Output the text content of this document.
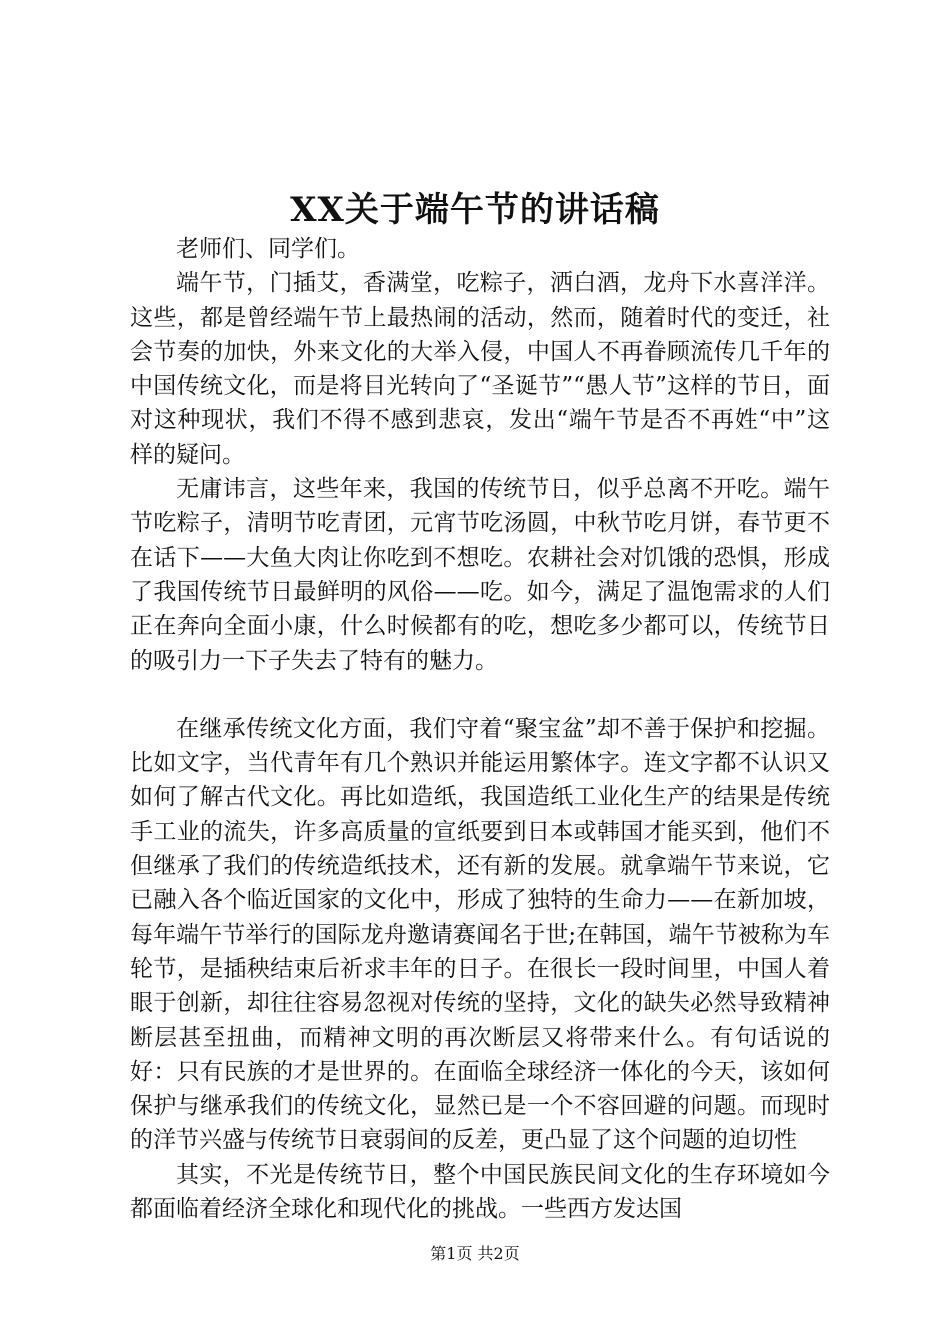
XX关于端午节的讲话稿

老师们、同学们。

端午节，门插艾，香满堂，吃粽子，洒白酒，龙舟下水喜洋洋。这些，都是曾经端午节上最热闹的活动，然而，随着时代的变迁，社会节奏的加快，外来文化的大举入侵，中国人不再眷顾流传几千年的中国传统文化，而是将目光转向了“圣诞节”“愚人节”这样的节日，面对这种现状，我们不得不感到悲哀，发出“端午节是否不再姓“中”这样的疑问。

无庸讳言，这些年来，我国的传统节日，似乎总离不开吃。端午节吃粽子，清明节吃青团，元宵节吃汤圆，中秋节吃月饼，春节更不在话下——大鱼大肉让你吃到不想吃。农耕社会对饥饿的恐惧，形成了我国传统节日最鲜明的风俗——吃。如今，满足了温饱需求的人们正在奔向全面小康，什么时候都有的吃，想吃多少都可以，传统节日的吸引力一下子失去了特有的魅力。

在继承传统文化方面，我们守着“聚宝盆”却不善于保护和挖掘。比如文字，当代青年有几个熟识并能运用繁体字。连文字都不认识又如何了解古代文化。再比如造纸，我国造纸工业化生产的结果是传统手工业的流失，许多高质量的宣纸要到日本或韩国才能买到，他们不但继承了我们的传统造纸技术，还有新的发展。就拿端午节来说，它已融入各个临近国家的文化中，形成了独特的生命力——在新加坡，每年端午节举行的国际龙舟邀请赛闻名于世;在韩国，端午节被称为车轮节，是插秧结束后祈求丰年的日子。在很长一段时间里，中国人着眼于创新，却往往容易忽视对传统的坚持，文化的缺失必然导致精神断层甚至扭曲，而精神文明的再次断层又将带来什么。有句话说的好：只有民族的才是世界的。在面临全球经济一体化的今天，该如何保护与继承我们的传统文化，显然已是一个不容回避的问题。而现时的洋节兴盛与传统节日衰弱间的反差，更凸显了这个问题的迫切性

其实，不光是传统节日，整个中国民族民间文化的生存环境如今都面临着经济全球化和现代化的挑战。一些西方发达国

第1页 共2页
